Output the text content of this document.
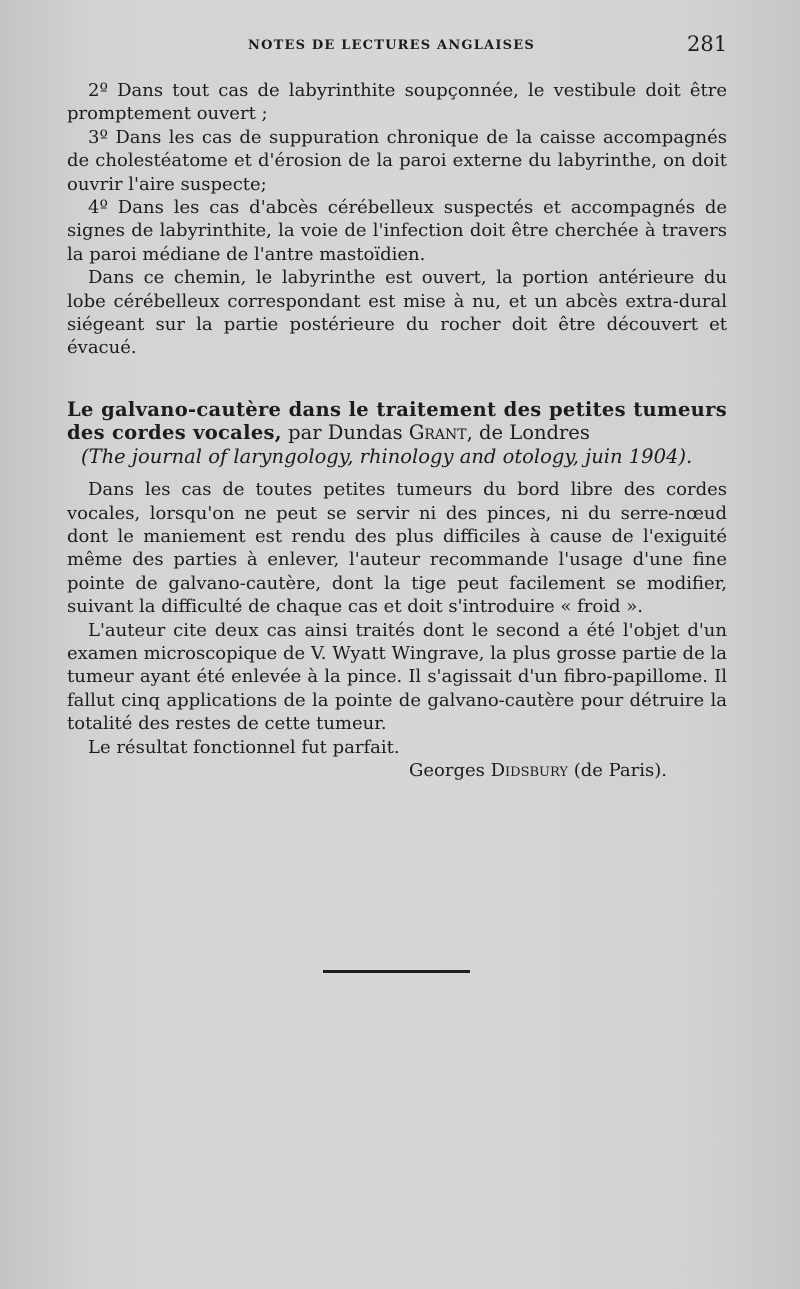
NOTES DE LECTURES ANGLAISES	281

2º Dans tout cas de labyrinthite soupçonnée, le vestibule doit être promptement ouvert ;

3º Dans les cas de suppuration chronique de la caisse accompagnés de cholestéatome et d'érosion de la paroi externe du labyrinthe, on doit ouvrir l'aire suspecte;

4º Dans les cas d'abcès cérébelleux suspectés et accompagnés de signes de labyrinthite, la voie de l'infection doit être cherchée à travers la paroi médiane de l'antre mastoïdien.

Dans ce chemin, le labyrinthe est ouvert, la portion antérieure du lobe cérébelleux correspondant est mise à nu, et un abcès extra-dural siégeant sur la partie postérieure du rocher doit être découvert et évacué.

Le galvano-cautère dans le traitement des petites tumeurs des cordes vocales, par Dundas Grant, de Londres
(The journal of laryngology, rhinology and otology, juin 1904).

Dans les cas de toutes petites tumeurs du bord libre des cordes vocales, lorsqu'on ne peut se servir ni des pinces, ni du serre-nœud dont le maniement est rendu des plus difficiles à cause de l'exiguité même des parties à enlever, l'auteur recommande l'usage d'une fine pointe de galvano-cautère, dont la tige peut facilement se modifier, suivant la difficulté de chaque cas et doit s'introduire « froid ».

L'auteur cite deux cas ainsi traités dont le second a été l'objet d'un examen microscopique de V. Wyatt Wingrave, la plus grosse partie de la tumeur ayant été enlevée à la pince. Il s'agissait d'un fibro-papillome. Il fallut cinq applications de la pointe de galvano-cautère pour détruire la totalité des restes de cette tumeur.

Le résultat fonctionnel fut parfait.

Georges Didsbury (de Paris).
